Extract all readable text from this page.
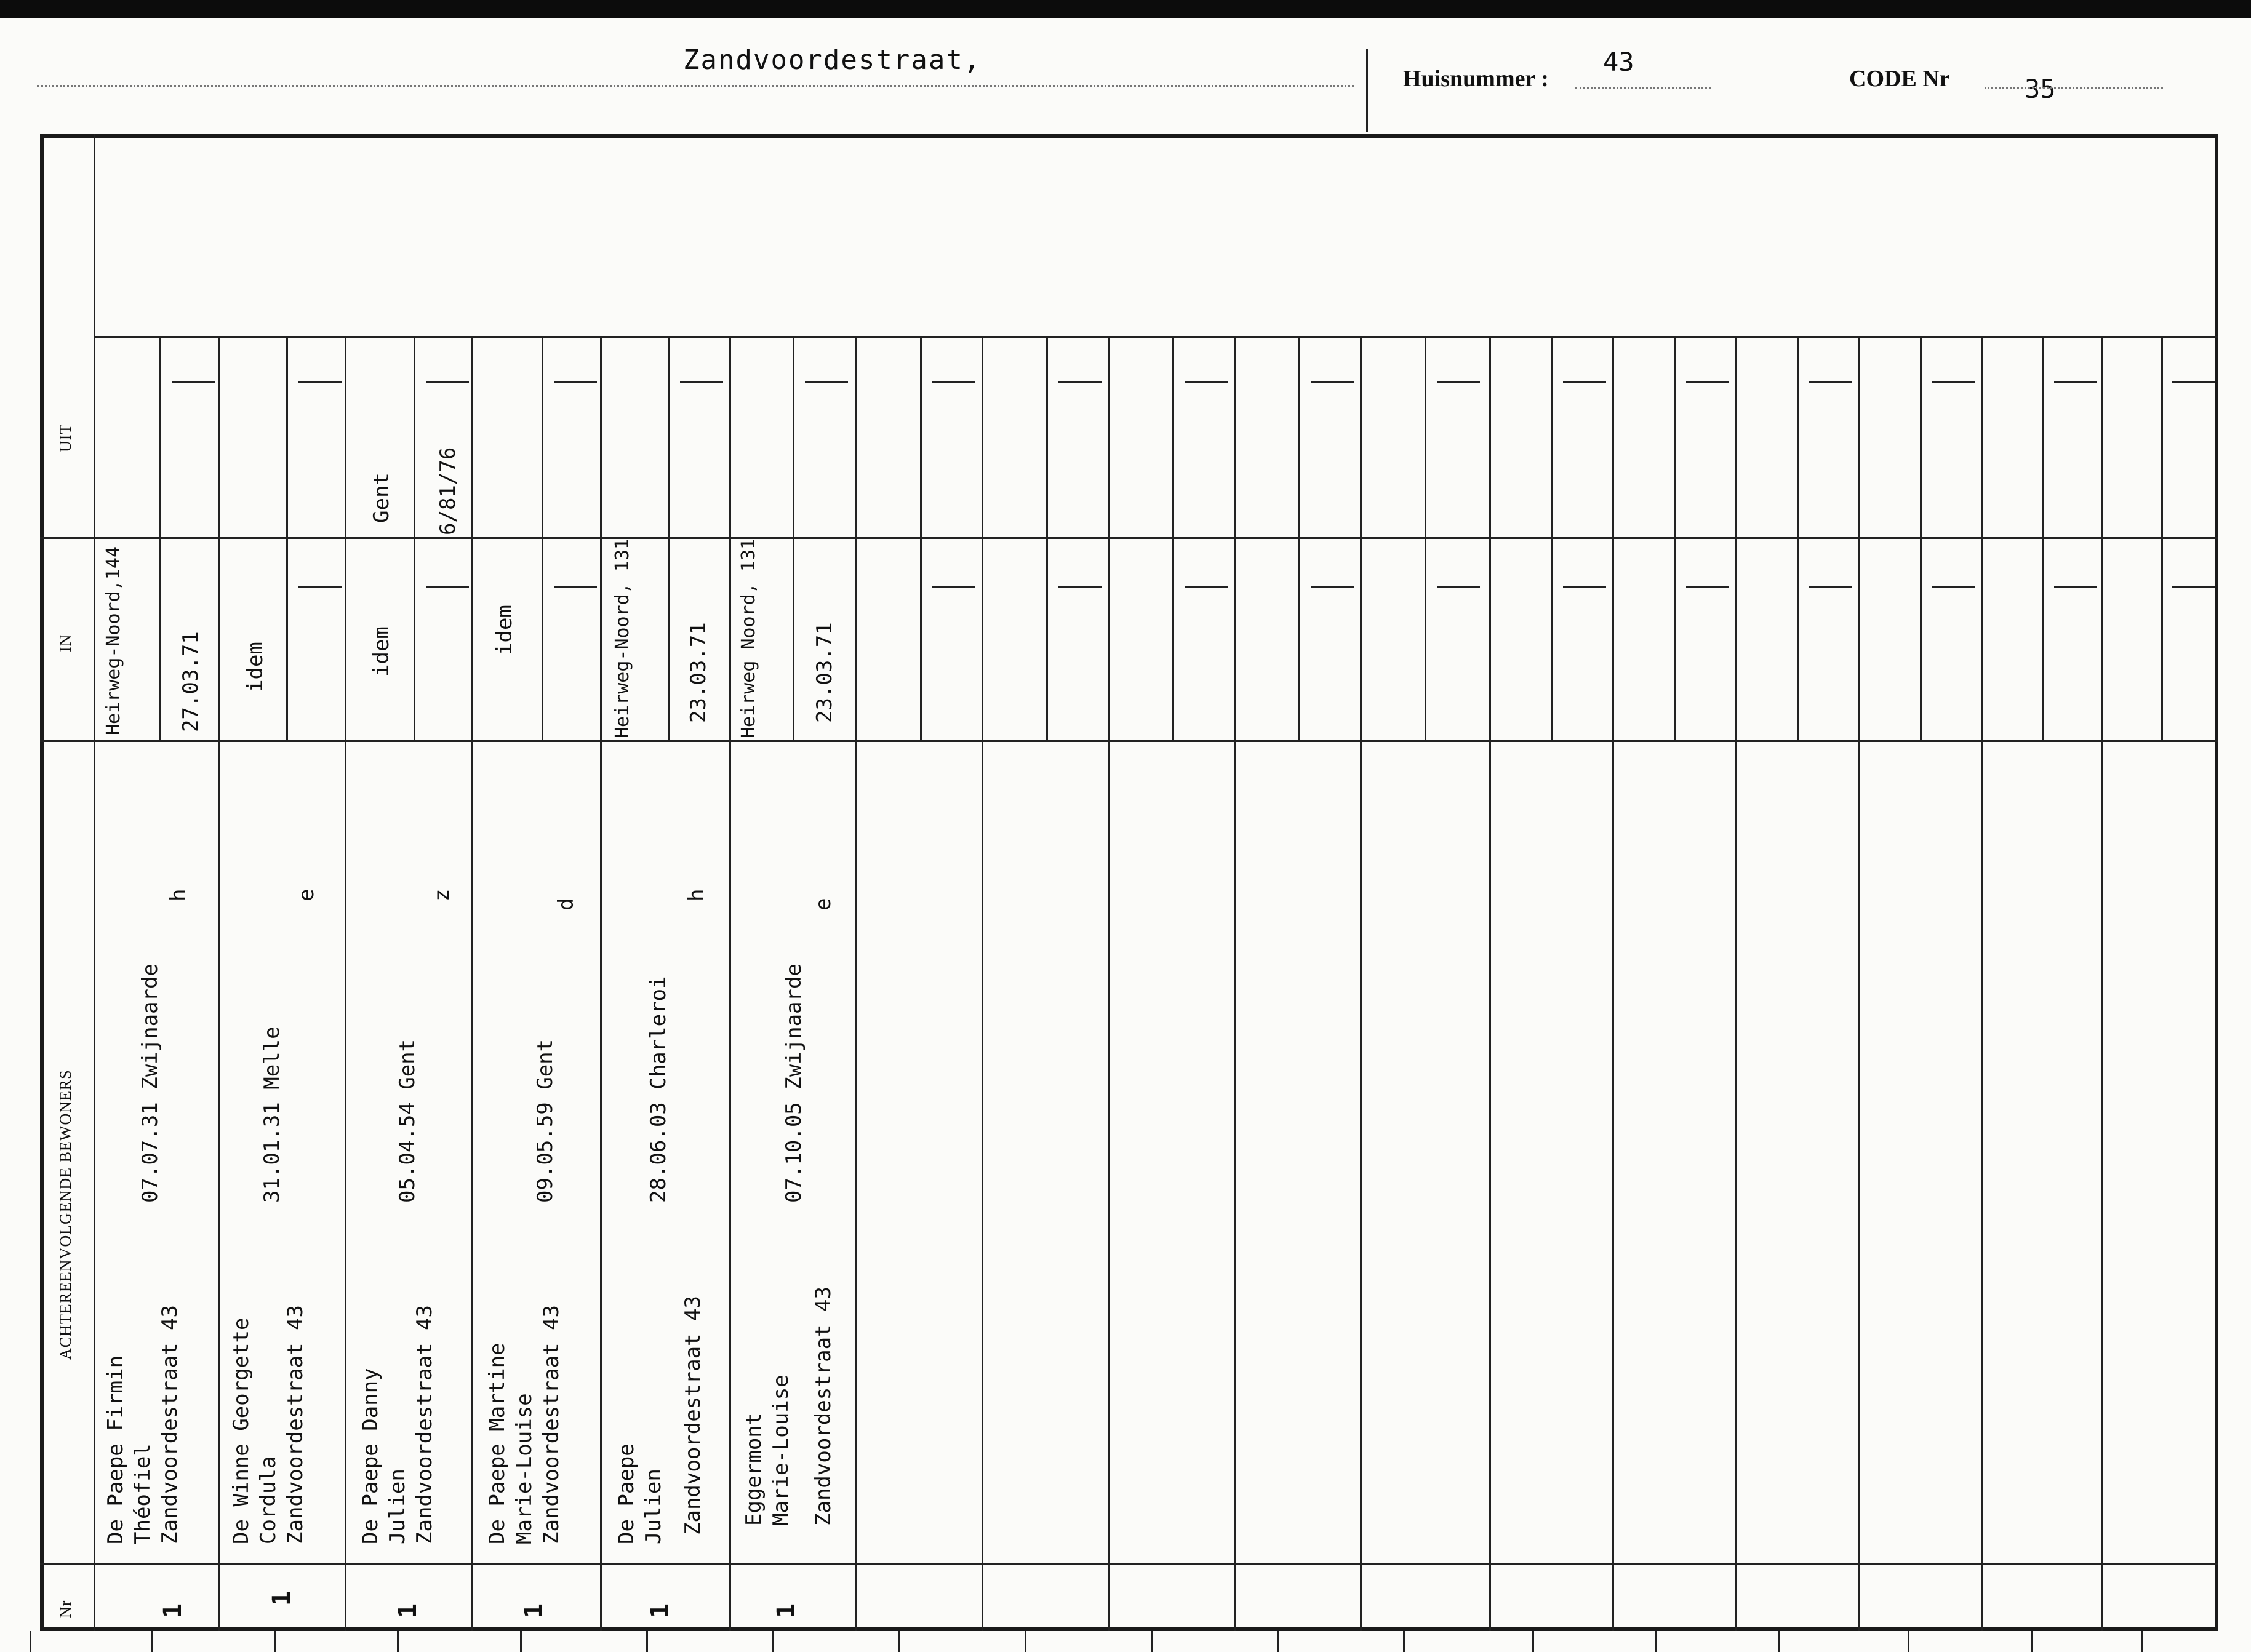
Zandvoordestraat,
Huisnummer :
43
CODE Nr	35
Nr
ACHTEREENVOLGENDE BEWONERS
IN
UIT
1
De Paepe Firmin Théofiel Zandvoordestraat 43
07.07.31 Zwijnaarde
h
Heirweg-Noord,144	27.03.71
1
De Winne Georgette Cordula Zandvoordestraat 43
31.01.31 Melle
e
idem
1
De Paepe Danny Julien Zandvoordestraat 43
05.04.54 Gent
z
idem
Gent 6/81/76
1
De Paepe Martine Marie-Louise Zandvoordestraat 43
09.05.59 Gent
d
idem
1
De Paepe Julien Zandvoordestraat 43
28.06.03 Charleroi
h
Heirweg-Noord, 131	23.03.71
1
Eggermont Marie-Louise Zandvoordestraat 43
07.10.05 Zwijnaarde
e
Heirweg Noord, 131	23.03.71
